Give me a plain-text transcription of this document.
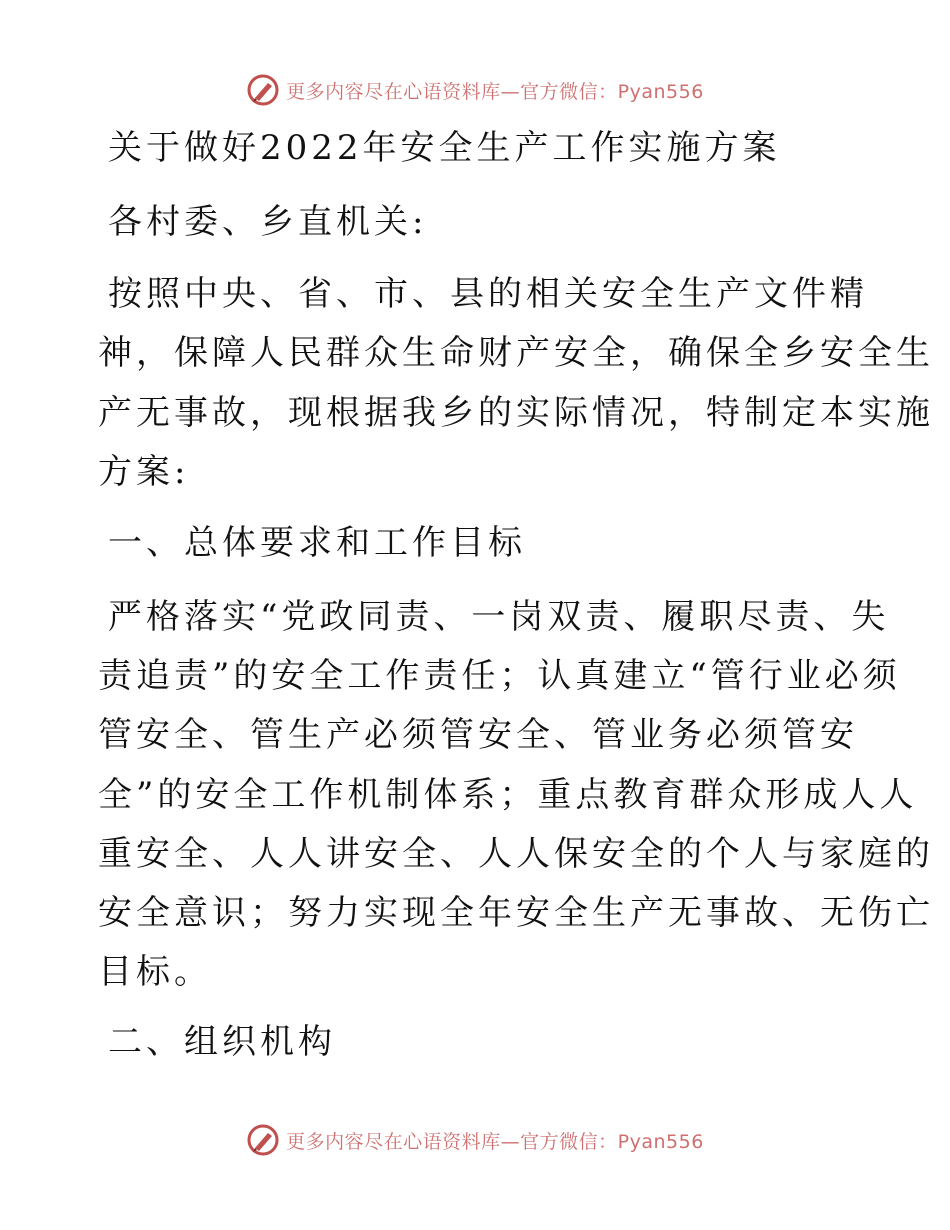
更多内容尽在心语资料库—官方微信：Pyan556
关于做好2022年安全生产工作实施方案
各村委、乡直机关:
按照中央、省、市、县的相关安全生产文件精
神，保障人民群众生命财产安全，确保全乡安全生
产无事故，现根据我乡的实际情况，特制定本实施
方案:
一、总体要求和工作目标
严格落实“党政同责、一岗双责、履职尽责、失
责追责”的安全工作责任；认真建立“管行业必须
管安全、管生产必须管安全、管业务必须管安
全”的安全工作机制体系；重点教育群众形成人人
重安全、人人讲安全、人人保安全的个人与家庭的
安全意识；努力实现全年安全生产无事故、无伤亡
目标。
二、组织机构
更多内容尽在心语资料库—官方微信：Pyan556
